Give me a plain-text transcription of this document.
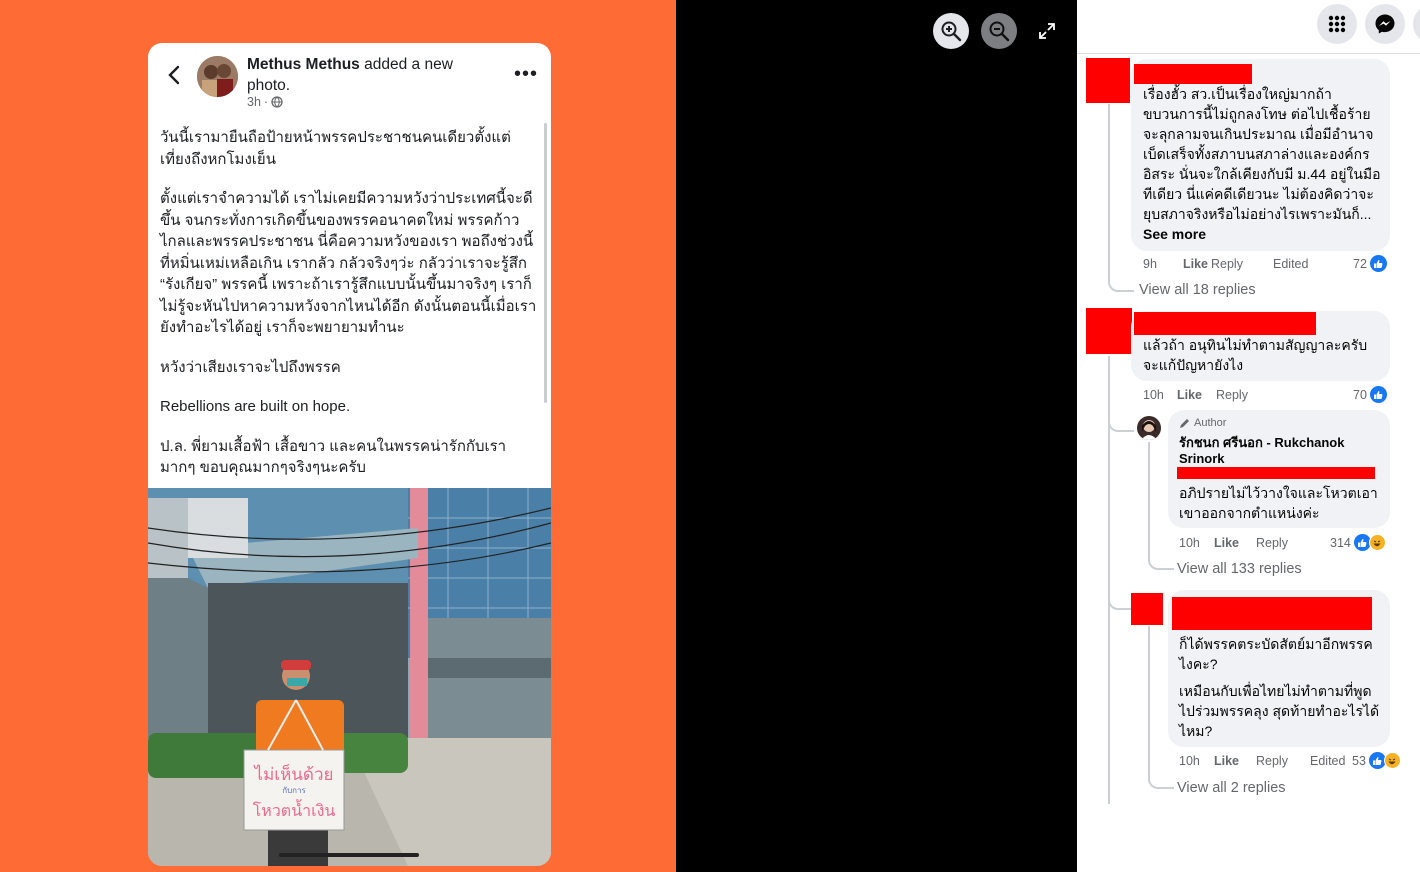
Methus Methus added a new photo.
3h ·
•••

วันนี้เรามายืนถือป้ายหน้าพรรคประชาชนคนเดียวตั้งแต่เที่ยงถึงหกโมงเย็น

ตั้งแต่เราจำความได้ เราไม่เคยมีความหวังว่าประเทศนี้จะดีขึ้น จนกระทั่งการเกิดขึ้นของพรรคอนาคตใหม่ พรรคก้าวไกลและพรรคประชาชน นี่คือความหวังของเรา พอถึงช่วงนี้ที่หมิ่นเหม่เหลือเกิน เรากลัว กลัวจริงๆว่ะ กลัวว่าเราจะรู้สึก “รังเกียจ” พรรคนี้ เพราะถ้าเรารู้สึกแบบนั้นขึ้นมาจริงๆ เราก็ไม่รู้จะหันไปหาความหวังจากไหนได้อีก ดังนั้นตอนนี้เมื่อเรายังทำอะไรได้อยู่ เราก็จะพยายามทำนะ

หวังว่าเสียงเราจะไปถึงพรรค

Rebellions are built on hope.

ป.ล. พี่ยามเสื้อฟ้า เสื้อขาว และคนในพรรคน่ารักกับเรามากๆ ขอบคุณมากๆจริงๆนะครับ

ไม่เห็นด้วย
กับการ
โหวตน้ำเงิน
เรื่องฮั้ว สว.เป็นเรื่องใหญ่มากถ้าขบวนการนี้ไม่ถูกลงโทษ ต่อไปเชื้อร้ายจะลุกลามจนเกินประมาณ เมื่อมีอำนาจเบ็ดเสร็จทั้งสภาบนสภาล่างและองค์กรอิสระ นั่นจะใกล้เคียงกับมี ม.44 อยู่ในมือทีเดียว นี่แค่คดีเดียวนะ ไม่ต้องคิดว่าจะยุบสภาจริงหรือไม่อย่างไรเพราะมันก็... See more
9h Like Reply Edited	72
View all 18 replies
แล้วถ้า อนุทินไม่ทำตามสัญญาละครับ จะแก้ปัญหายังไง
10h Like Reply	70
Author
รักชนก ศรีนอก - Rukchanok Srinork
อภิปรายไม่ไว้วางใจและโหวตเอาเขาออกจากตำแหน่งค่ะ
10h Like Reply	314
View all 133 replies
ก็ได้พรรคตระบัดสัตย์มาอีกพรรคไงคะ?
เหมือนกับเพื่อไทยไม่ทำตามที่พูดไปร่วมพรรคลุง สุดท้ายทำอะไรได้ไหม?
10h Like Reply Edited 53
View all 2 replies
